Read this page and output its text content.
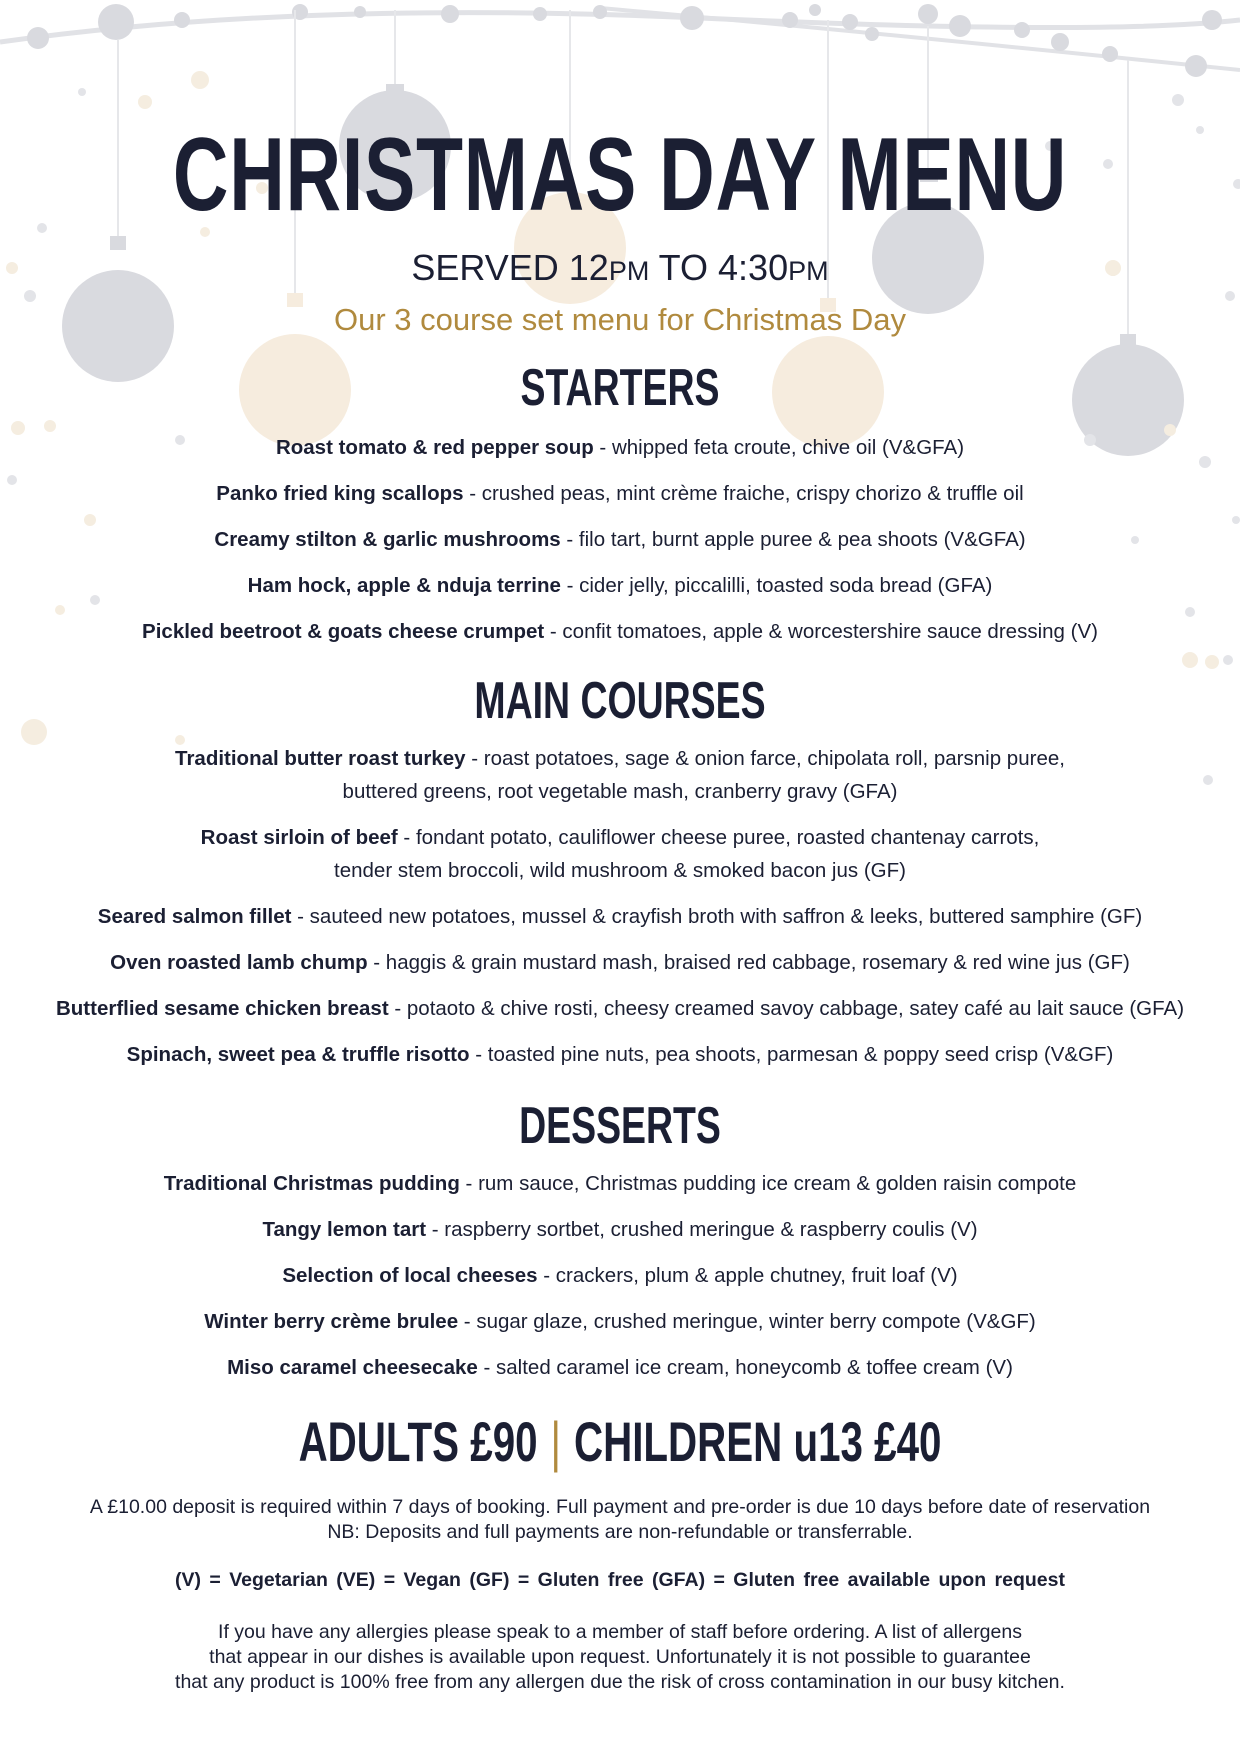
CHRISTMAS DAY MENU
SERVED 12PM TO 4:30PM
Our 3 course set menu for Christmas Day
STARTERS
Roast tomato & red pepper soup - whipped feta croute, chive oil (V&GFA)
Panko fried king scallops - crushed peas, mint crème fraiche, crispy chorizo & truffle oil
Creamy stilton & garlic mushrooms - filo tart, burnt apple puree & pea shoots (V&GFA)
Ham hock, apple & nduja terrine - cider jelly, piccalilli, toasted soda bread (GFA)
Pickled beetroot & goats cheese crumpet - confit tomatoes, apple & worcestershire sauce dressing (V)
MAIN COURSES
Traditional butter roast turkey - roast potatoes, sage & onion farce, chipolata roll, parsnip puree,
buttered greens, root vegetable mash, cranberry gravy (GFA)
Roast sirloin of beef - fondant potato, cauliflower cheese puree, roasted chantenay carrots,
tender stem broccoli, wild mushroom & smoked bacon jus (GF)
Seared salmon fillet - sauteed new potatoes, mussel & crayfish broth with saffron & leeks, buttered samphire (GF)
Oven roasted lamb chump - haggis & grain mustard mash, braised red cabbage, rosemary & red wine jus (GF)
Butterflied sesame chicken breast - potaoto & chive rosti, cheesy creamed savoy cabbage, satey café au lait sauce (GFA)
Spinach, sweet pea & truffle risotto - toasted pine nuts, pea shoots, parmesan & poppy seed crisp (V&GF)
DESSERTS
Traditional Christmas pudding - rum sauce, Christmas pudding ice cream & golden raisin compote
Tangy lemon tart - raspberry sortbet, crushed meringue & raspberry coulis (V)
Selection of local cheeses - crackers, plum & apple chutney, fruit loaf (V)
Winter berry crème brulee - sugar glaze, crushed meringue, winter berry compote (V&GF)
Miso caramel cheesecake - salted caramel ice cream, honeycomb & toffee cream (V)
ADULTS £90 | CHILDREN u13 £40
A £10.00 deposit is required within 7 days of booking. Full payment and pre-order is due 10 days before date of reservation
NB: Deposits and full payments are non-refundable or transferrable.
(V) = Vegetarian (VE) = Vegan (GF) = Gluten free (GFA) = Gluten free available upon request
If you have any allergies please speak to a member of staff before ordering. A list of allergens
that appear in our dishes is available upon request. Unfortunately it is not possible to guarantee
that any product is 100% free from any allergen due the risk of cross contamination in our busy kitchen.
